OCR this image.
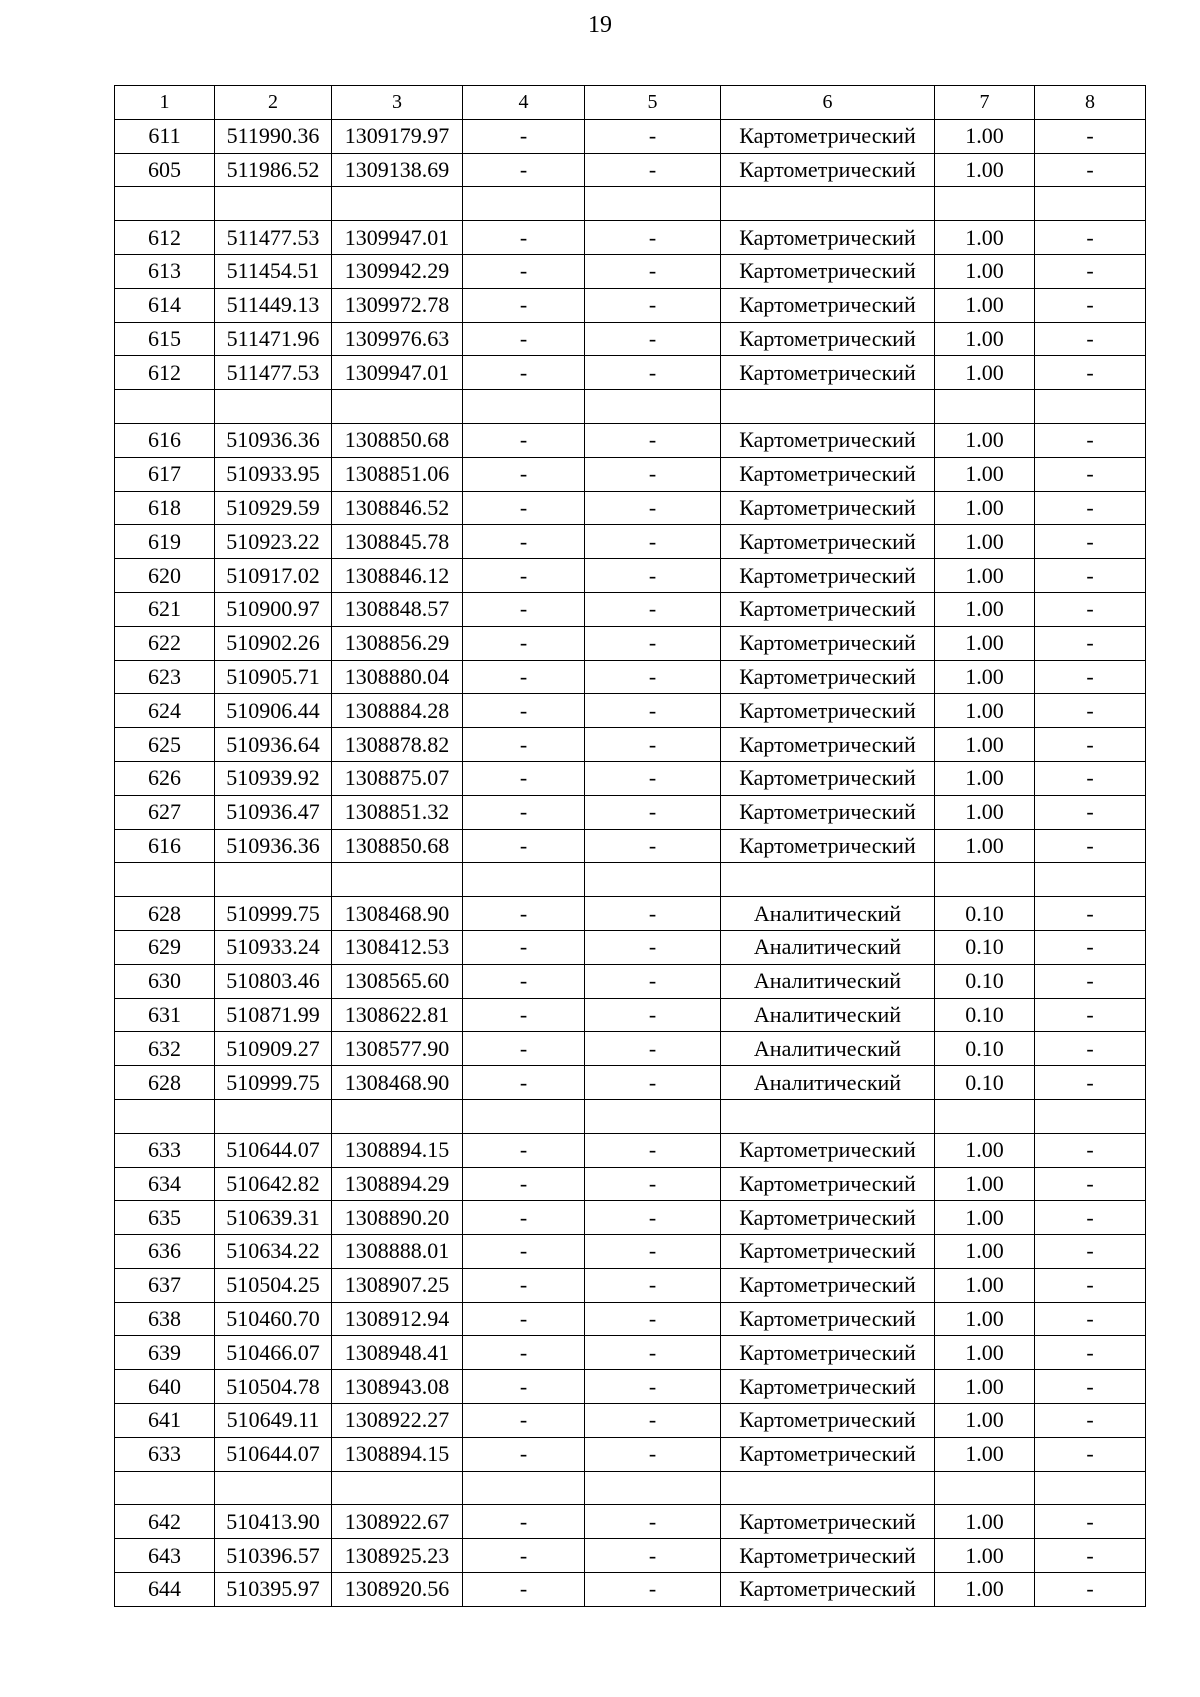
19
1	2	3	4	5	6	7	8
611	511990.36	1309179.97	-	-	Картометрический	1.00	-
605	511986.52	1309138.69	-	-	Картометрический	1.00	-

612	511477.53	1309947.01	-	-	Картометрический	1.00	-
613	511454.51	1309942.29	-	-	Картометрический	1.00	-
614	511449.13	1309972.78	-	-	Картометрический	1.00	-
615	511471.96	1309976.63	-	-	Картометрический	1.00	-
612	511477.53	1309947.01	-	-	Картометрический	1.00	-

616	510936.36	1308850.68	-	-	Картометрический	1.00	-
617	510933.95	1308851.06	-	-	Картометрический	1.00	-
618	510929.59	1308846.52	-	-	Картометрический	1.00	-
619	510923.22	1308845.78	-	-	Картометрический	1.00	-
620	510917.02	1308846.12	-	-	Картометрический	1.00	-
621	510900.97	1308848.57	-	-	Картометрический	1.00	-
622	510902.26	1308856.29	-	-	Картометрический	1.00	-
623	510905.71	1308880.04	-	-	Картометрический	1.00	-
624	510906.44	1308884.28	-	-	Картометрический	1.00	-
625	510936.64	1308878.82	-	-	Картометрический	1.00	-
626	510939.92	1308875.07	-	-	Картометрический	1.00	-
627	510936.47	1308851.32	-	-	Картометрический	1.00	-
616	510936.36	1308850.68	-	-	Картометрический	1.00	-

628	510999.75	1308468.90	-	-	Аналитический	0.10	-
629	510933.24	1308412.53	-	-	Аналитический	0.10	-
630	510803.46	1308565.60	-	-	Аналитический	0.10	-
631	510871.99	1308622.81	-	-	Аналитический	0.10	-
632	510909.27	1308577.90	-	-	Аналитический	0.10	-
628	510999.75	1308468.90	-	-	Аналитический	0.10	-

633	510644.07	1308894.15	-	-	Картометрический	1.00	-
634	510642.82	1308894.29	-	-	Картометрический	1.00	-
635	510639.31	1308890.20	-	-	Картометрический	1.00	-
636	510634.22	1308888.01	-	-	Картометрический	1.00	-
637	510504.25	1308907.25	-	-	Картометрический	1.00	-
638	510460.70	1308912.94	-	-	Картометрический	1.00	-
639	510466.07	1308948.41	-	-	Картометрический	1.00	-
640	510504.78	1308943.08	-	-	Картометрический	1.00	-
641	510649.11	1308922.27	-	-	Картометрический	1.00	-
633	510644.07	1308894.15	-	-	Картометрический	1.00	-

642	510413.90	1308922.67	-	-	Картометрический	1.00	-
643	510396.57	1308925.23	-	-	Картометрический	1.00	-
644	510395.97	1308920.56	-	-	Картометрический	1.00	-
